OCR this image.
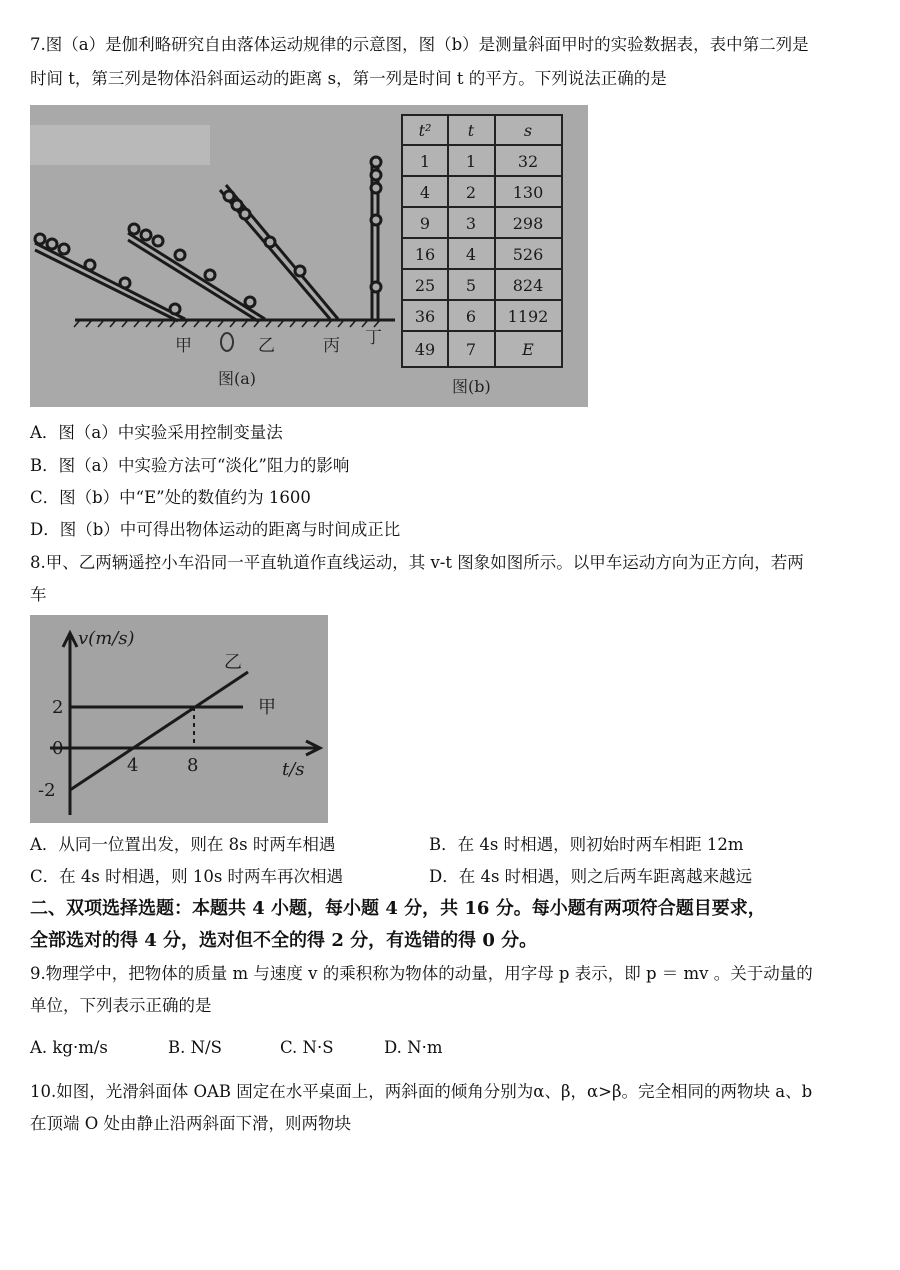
7.图（a）是伽利略研究自由落体运动规律的示意图，图（b）是测量斜面甲时的实验数据表，表中第二列是
时间 t，第三列是物体沿斜面运动的距离 s，第一列是时间 t 的平方。下列说法正确的是
甲	乙	丙 丁
图(a)
t² t	s
1 1	32
4 2 130
9 3 298
16 4 526
25 5 824
36 6 1192
49 7	E
图(b)
A．图（a）中实验采用控制变量法
B．图（a）中实验方法可“淡化”阻力的影响
C．图（b）中“E”处的数值约为 1600
D．图（b）中可得出物体运动的距离与时间成正比
8.甲、乙两辆遥控小车沿同一平直轨道作直线运动，其 v-t 图象如图所示。以甲车运动方向为正方向，若两
车
v(m/s)
t/s
2
0
-2
4	8
乙
甲
A．从同一位置出发，则在 8s 时两车相遇	B．在 4s 时相遇，则初始时两车相距 12m
C．在 4s 时相遇，则 10s 时两车再次相遇	D．在 4s 时相遇，则之后两车距离越来越远
二、双项选择选题：本题共 4 小题，每小题 4 分，共 16 分。每小题有两项符合题目要求，
全部选对的得 4 分，选对但不全的得 2 分，有选错的得 0 分。
9.物理学中，把物体的质量 m 与速度 v 的乘积称为物体的动量，用字母 p 表示，即 p ＝ mv 。关于动量的
单位，下列表示正确的是
A. kg·m/s	B. N/S	C. N·S	D. N·m
10.如图，光滑斜面体 OAB 固定在水平桌面上，两斜面的倾角分别为α、β，α>β。完全相同的两物块 a、b
在顶端 O 处由静止沿两斜面下滑，则两物块
